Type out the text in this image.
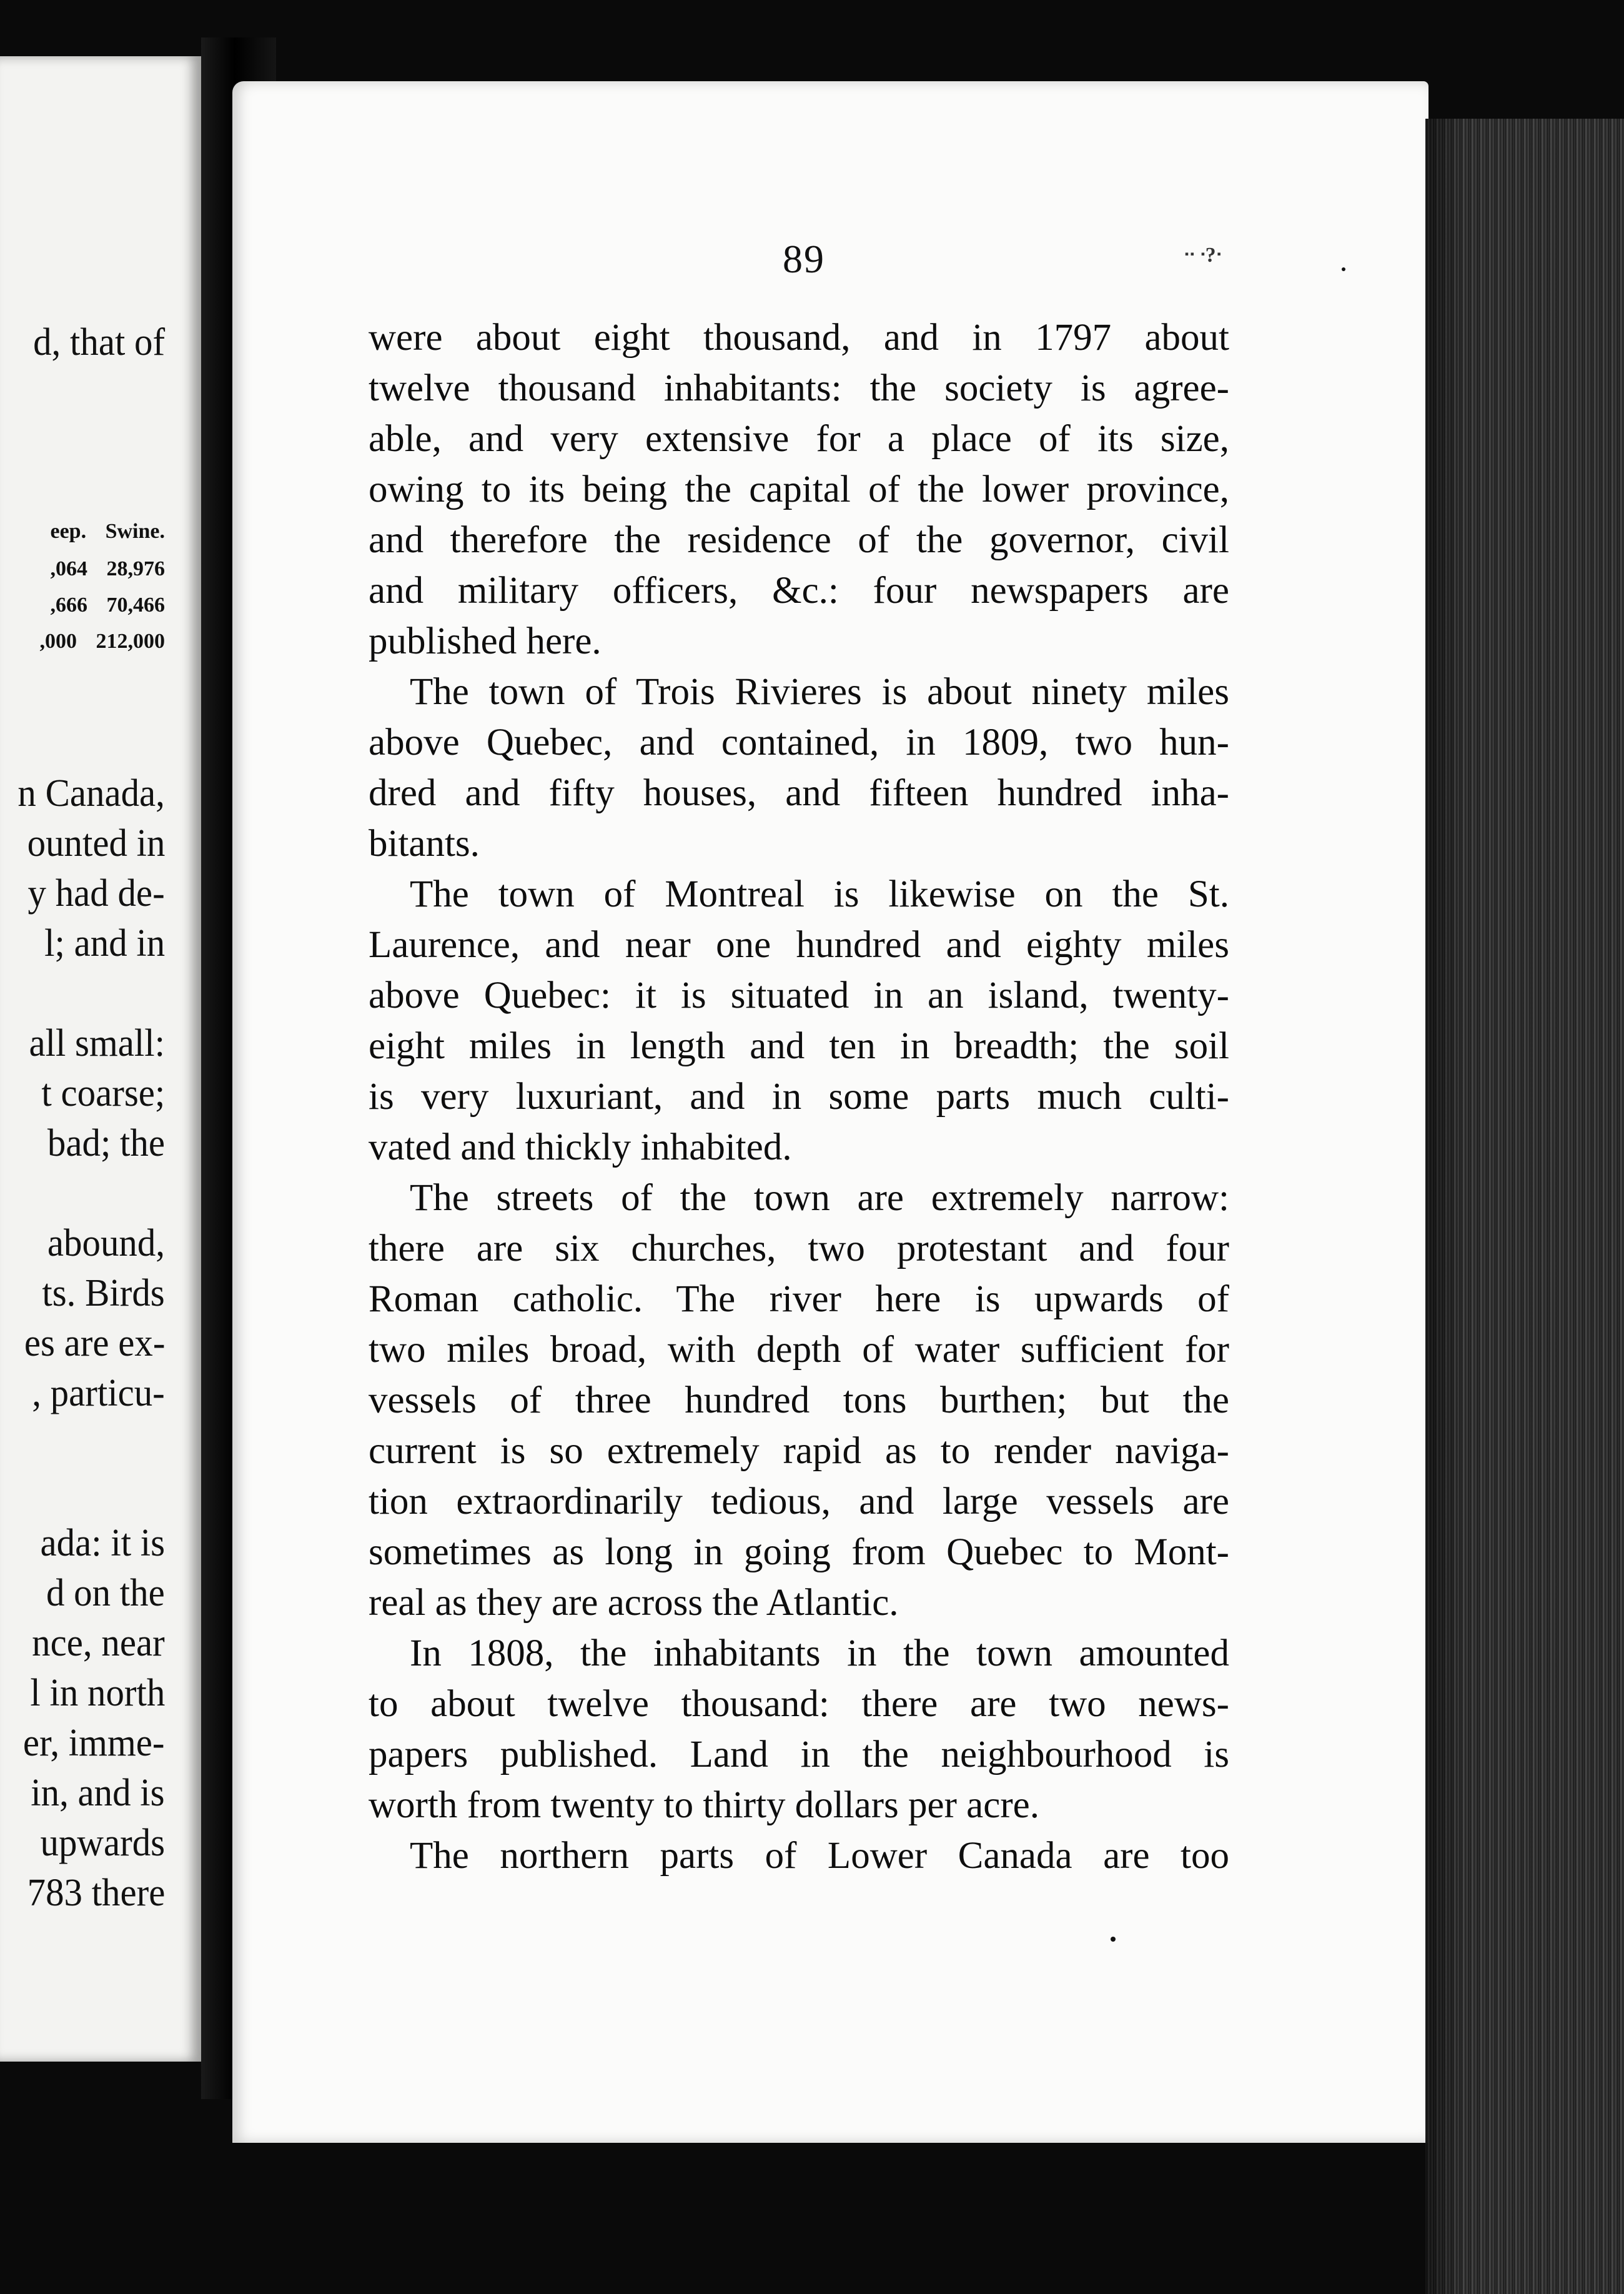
d, that of
eep. Swine.
,064 28,976
,666 70,466
,000 212,000
n Canada,
ounted in
y had de-
l; and in
all small:
t coarse;
bad; the
abound,
ts. Birds
es are ex-
, particu-
ada: it is
d on the
nce, near
l in north
er, imme-
in, and is
upwards
783 there
89	ᐧᐧ ᐧ?ᐧ
were about eight thousand, and in 1797 about
twelve thousand inhabitants: the society is agree-
able, and very extensive for a place of its size,
owing to its being the capital of the lower province,
and therefore the residence of the governor, civil
and military officers, &c.: four newspapers are
published here.
The town of Trois Rivieres is about ninety miles
above Quebec, and contained, in 1809, two hun-
dred and fifty houses, and fifteen hundred inha-
bitants.
The town of Montreal is likewise on the St.
Laurence, and near one hundred and eighty miles
above Quebec: it is situated in an island, twenty-
eight miles in length and ten in breadth; the soil
is very luxuriant, and in some parts much culti-
vated and thickly inhabited.
The streets of the town are extremely narrow:
there are six churches, two protestant and four
Roman catholic. The river here is upwards of
two miles broad, with depth of water sufficient for
vessels of three hundred tons burthen; but the
current is so extremely rapid as to render naviga-
tion extraordinarily tedious, and large vessels are
sometimes as long in going from Quebec to Mont-
real as they are across the Atlantic.
In 1808, the inhabitants in the town amounted
to about twelve thousand: there are two news-
papers published. Land in the neighbourhood is
worth from twenty to thirty dollars per acre.
The northern parts of Lower Canada are too
